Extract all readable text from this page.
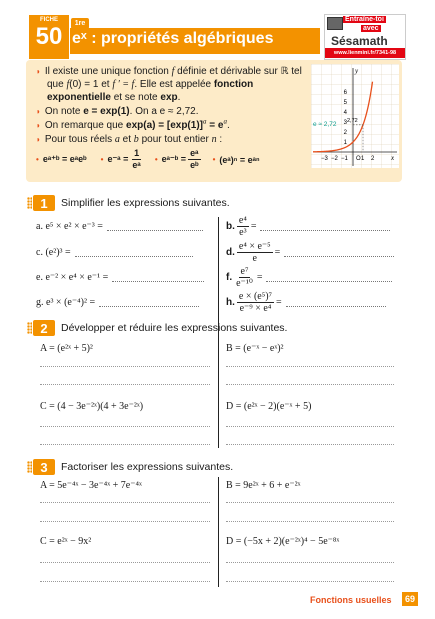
FICHE
50	1re
eˣ : propriétés algébriques
Entraîne-toi
avec
Sésamath
www.lienmini.fr/7341-98
◗ Il existe une unique fonction f définie et dérivable sur ℝ tel
que f(0) = 1 et f ′ = f. Elle est appelée fonction
exponentielle et se note exp.
◗ On note e = exp(1). On a e ≈ 2,72.
◗ On remarque que $\exp(a) = [\exp(1)]^a = e^a$.
◗ Pour tous réels a et b pour tout entier n :
• eᵃ⁺ᵇ = eᵃeᵇ • e⁻ᵃ = $\frac{1}{\text{eᵃ}}$ • eᵃ⁻ᵇ = $\frac{\text{eᵃ}}{\text{eᵇ}}$ • (eᵃ)ⁿ = eᵃⁿ
y
x
e ≈ 2,72
6
5
4
3
2
1
−3 −2 −1 O 1 2
2,72
1	Simplifier les expressions suivantes.
a. e⁵ × e² × e⁻³ =	b. $\frac{\text{e⁴}}{\text{e³}}$ =
c. (e²)³ =	d. $\frac{\text{e⁴ × e⁻⁵}}{e}$ =
e. e⁻² × e⁴ × e⁻¹ =	f. $\frac{\text{e⁷}}{\text{e⁻¹⁰}}$ =
g. e³ × (e⁻⁴)² =	h. $\frac{\text{e × (e⁵)⁷}}{\text{e⁻⁹ × e⁴}}$ =
2	Développer et réduire les expressions suivantes.
A = (e²ˣ + 5)²	B = (e⁻ˣ − eˣ)²
C = (4 − 3e⁻²ˣ)(4 + 3e⁻²ˣ)	D = (e²ˣ − 2)(e⁻ˣ + 5)
3	Factoriser les expressions suivantes.
A = 5e⁻⁴ˣ − 3e⁻⁴ˣ + 7e⁻⁴ˣ	B = 9e²ˣ + 6 + e⁻²ˣ
C = e²ˣ − 9x²	D = (−5x + 2)(e⁻²ˣ)⁴ − 5e⁻⁸ˣ
Fonctions usuelles	69
